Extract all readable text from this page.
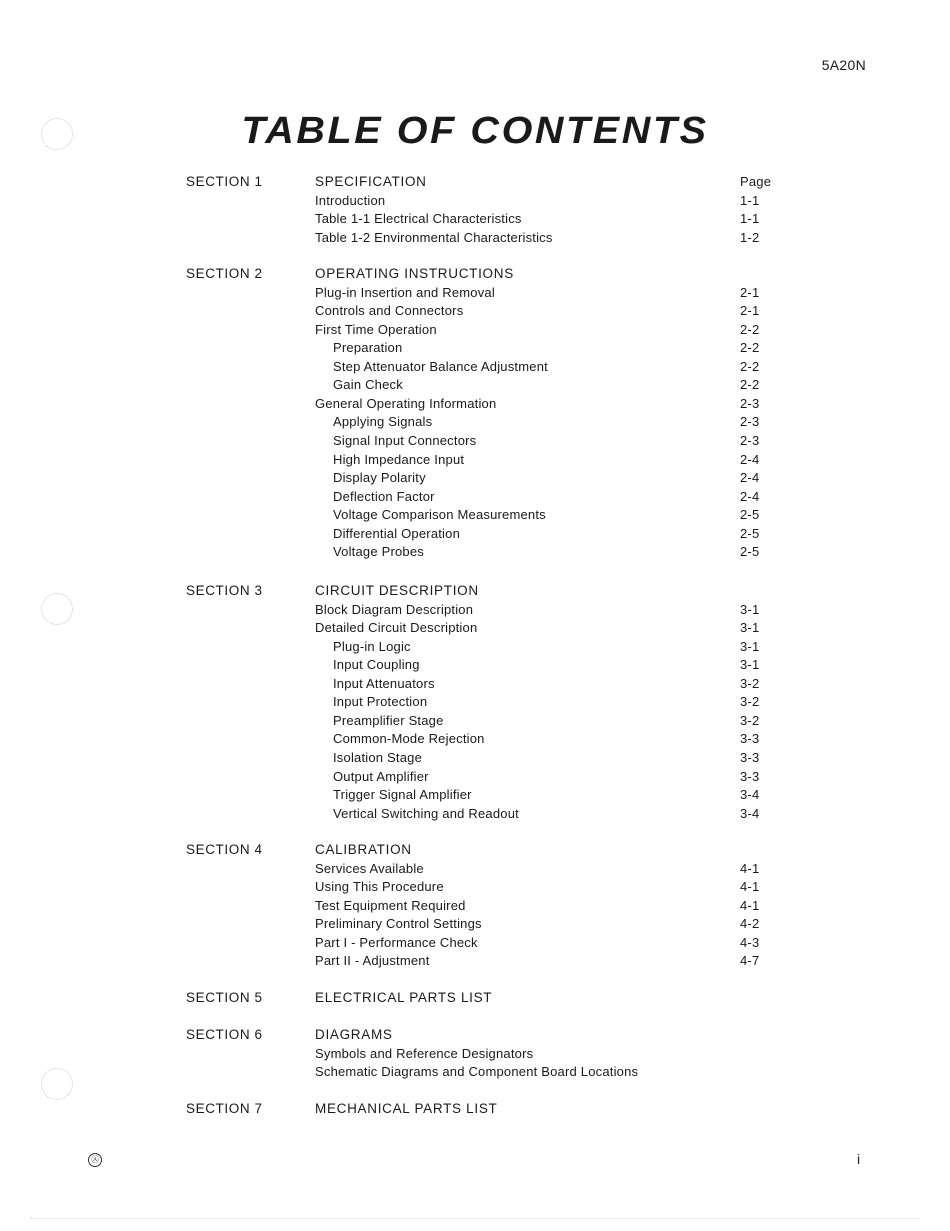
5A20N
TABLE OF CONTENTS
SECTION 1	SPECIFICATION	Page
Introduction	1-1
Table 1-1 Electrical Characteristics	1-1
Table 1-2 Environmental Characteristics	1-2
SECTION 2	OPERATING INSTRUCTIONS
Plug-in Insertion and Removal	2-1
Controls and Connectors	2-1
First Time Operation	2-2
Preparation	2-2
Step Attenuator Balance Adjustment	2-2
Gain Check	2-2
General Operating Information	2-3
Applying Signals	2-3
Signal Input Connectors	2-3
High Impedance Input	2-4
Display Polarity	2-4
Deflection Factor	2-4
Voltage Comparison Measurements	2-5
Differential Operation	2-5
Voltage Probes	2-5
SECTION 3	CIRCUIT DESCRIPTION
Block Diagram Description	3-1
Detailed Circuit Description	3-1
Plug-in Logic	3-1
Input Coupling	3-1
Input Attenuators	3-2
Input Protection	3-2
Preamplifier Stage	3-2
Common-Mode Rejection	3-3
Isolation Stage	3-3
Output Amplifier	3-3
Trigger Signal Amplifier	3-4
Vertical Switching and Readout	3-4
SECTION 4	CALIBRATION
Services Available	4-1
Using This Procedure	4-1
Test Equipment Required	4-1
Preliminary Control Settings	4-2
Part I - Performance Check	4-3
Part II - Adjustment	4-7
SECTION 5	ELECTRICAL PARTS LIST
SECTION 6	DIAGRAMS
Symbols and Reference Designators
Schematic Diagrams and Component Board Locations
SECTION 7	MECHANICAL PARTS LIST
Ⓐ	i
